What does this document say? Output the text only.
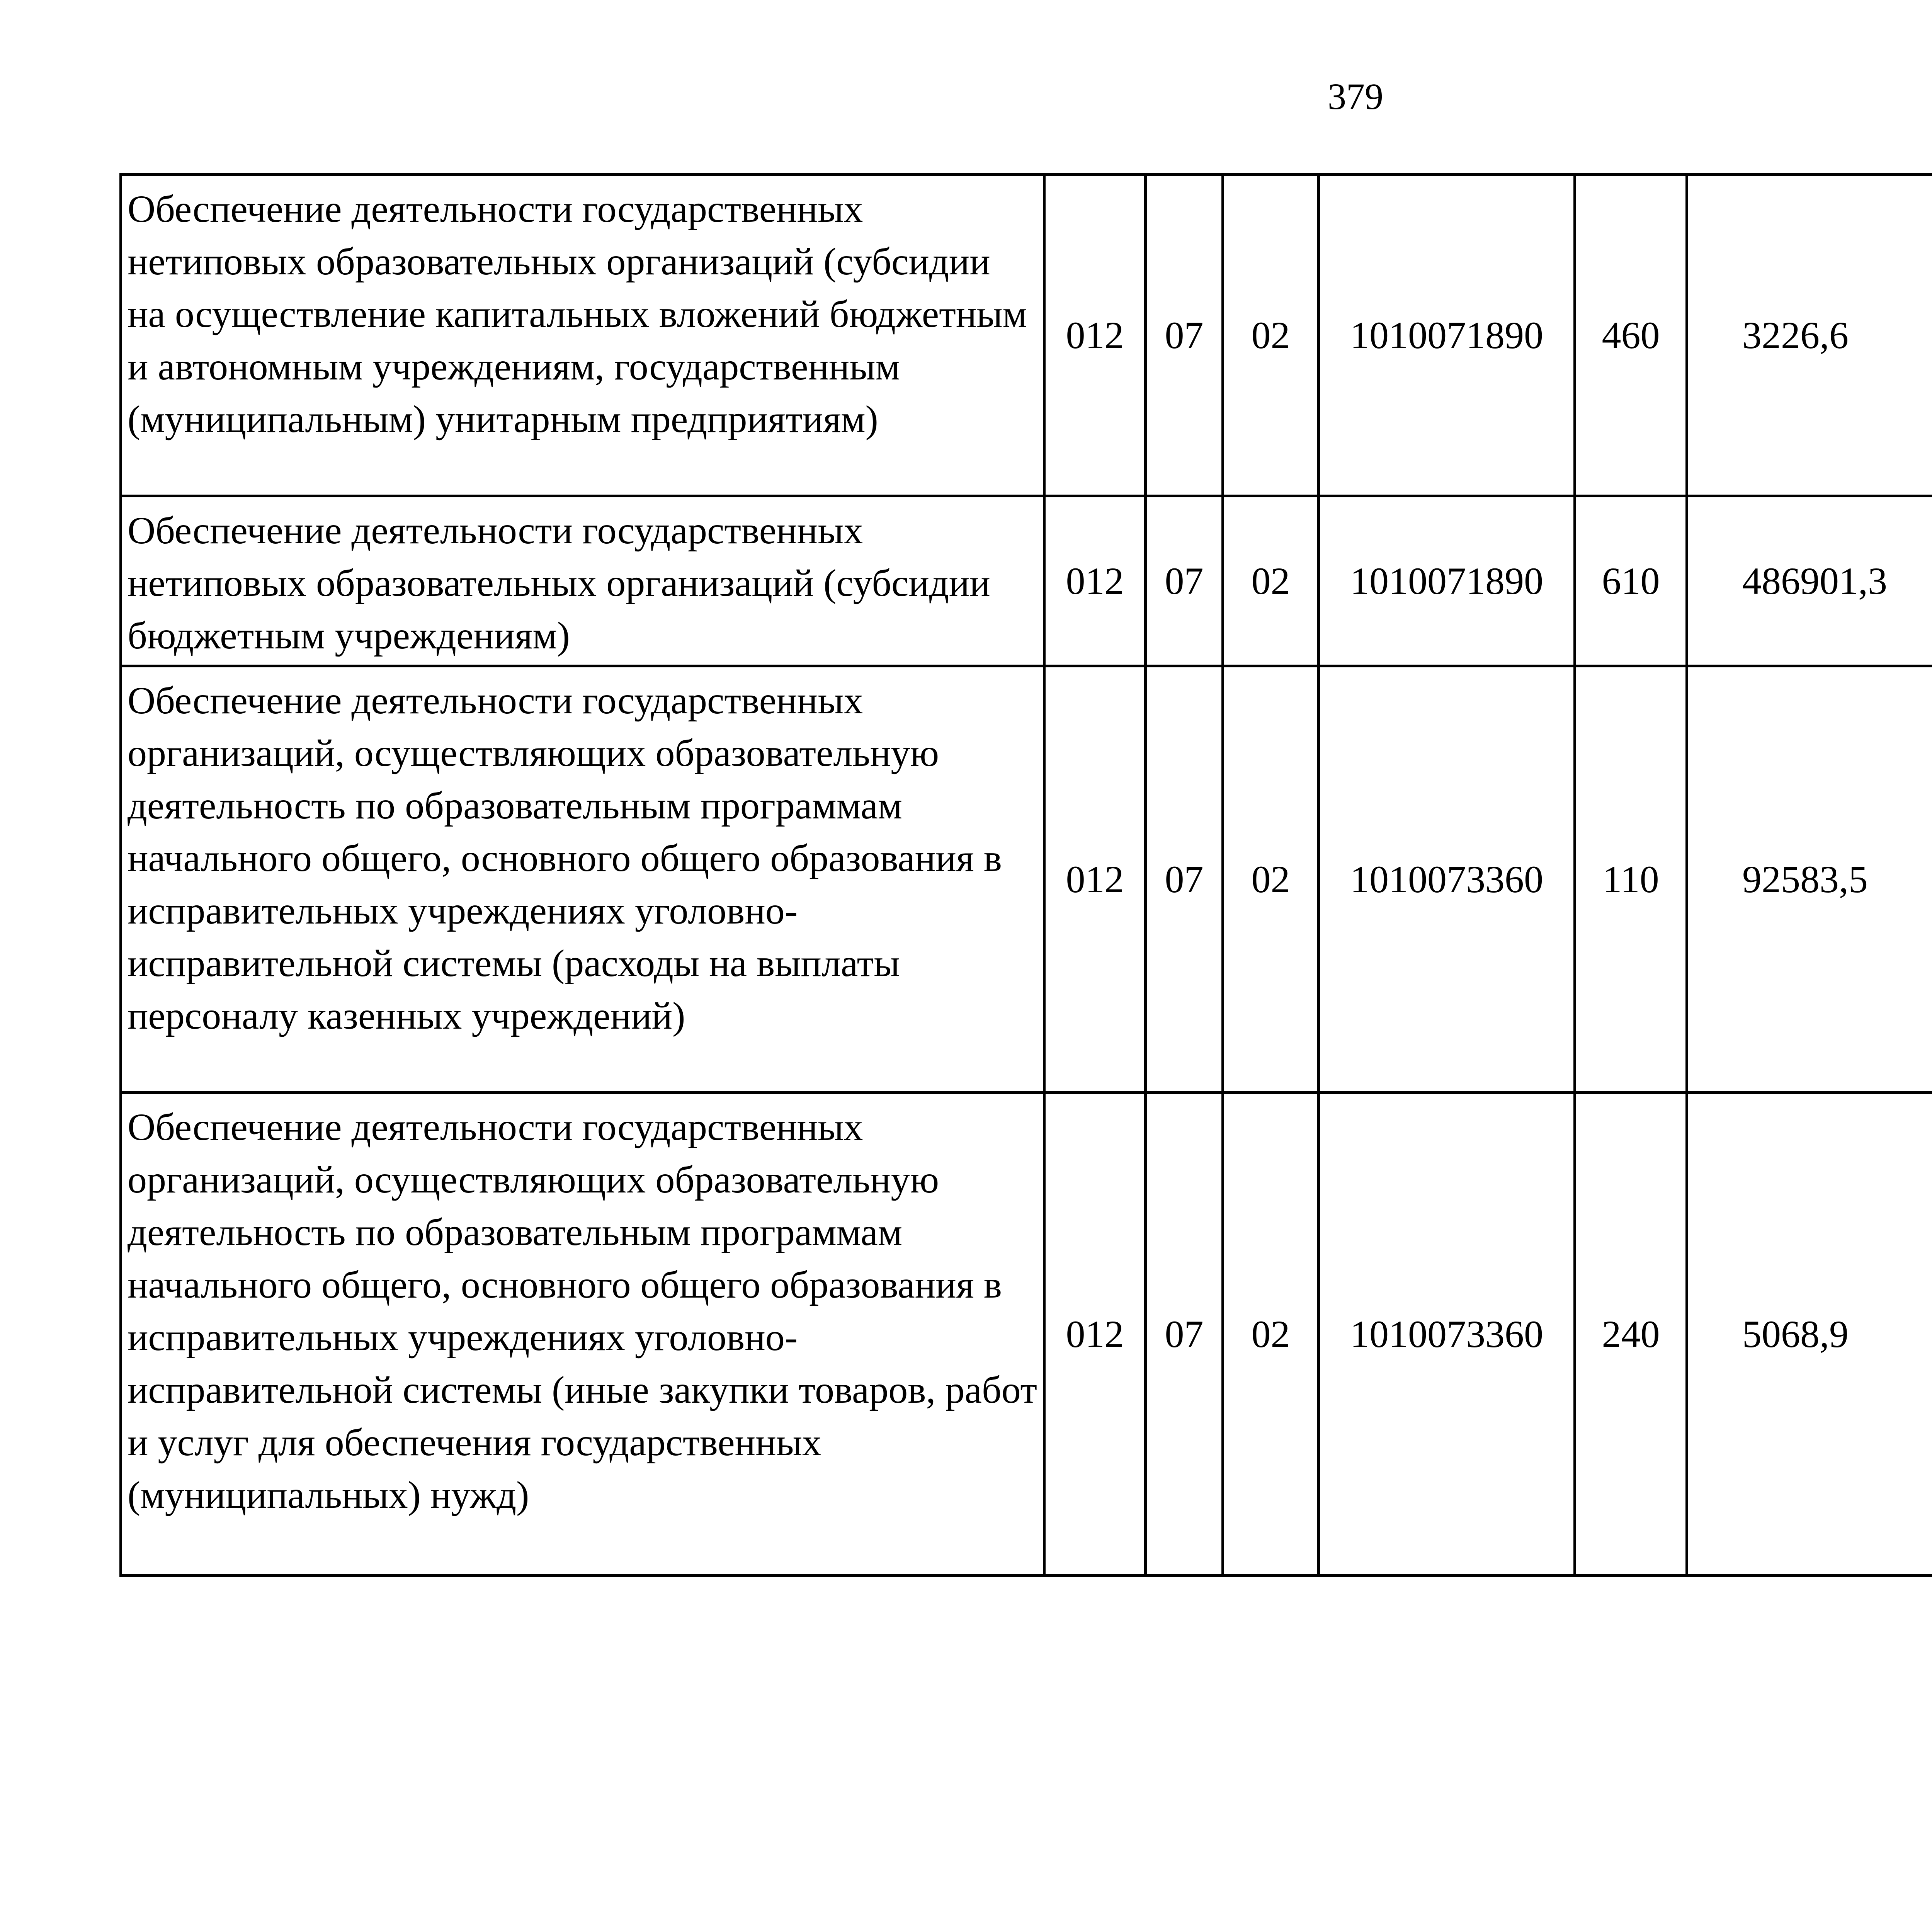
379
Обеспечение деятельности государственных нетиповых образовательных организаций (субсидии на осуществление капитальных вложений бюджетным и автономным учреждениям, государственным (муниципальным) унитарным предприятиям)	012	07	02	1010071890	460	3226,6		
Обеспечение деятельности государственных нетиповых образовательных организаций (субсидии бюджетным учреждениям)	012	07	02	1010071890	610	486901,3		
Обеспечение деятельности государственных организаций, осуществляющих образовательную деятельность по образовательным программам начального общего, основного общего образования в исправительных учреждениях уголовно-исправительной системы (расходы на выплаты персоналу казенных учреждений)	012	07	02	1010073360	110	92583,5		
Обеспечение деятельности государственных организаций, осуществляющих образовательную деятельность по образовательным программам начального общего, основного общего образования в исправительных учреждениях уголовно-исправительной системы (иные закупки товаров, работ и услуг для обеспечения государственных (муниципальных) нужд)	012	07	02	1010073360	240	5068,9		
